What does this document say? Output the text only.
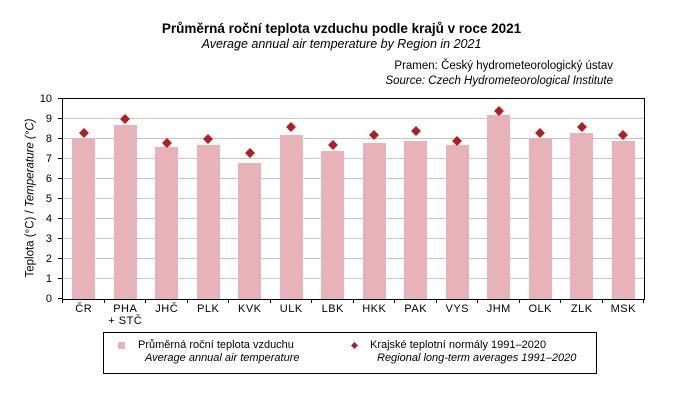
Průměrná roční teplota vzduchu podle krajů v roce 2021
Average annual air temperature by Region in 2021
Pramen: Český hydrometeorologický ústav
Source: Czech Hydrometeorological Institute
Teplota (°C) / Temperature (°C)
0
1
2
3
4
5
6
7
8
9
10
ČR	PHA
+ STČ
JHČ	PLK	KVK	ULK	LBK	HKK	PAK	VYS	JHM	OLK	ZLK	MSK
Průměrná roční teplota vzduchu
Average annual air temperature
Krajské teplotní normály 1991–2020
Regional long-term averages 1991–2020
